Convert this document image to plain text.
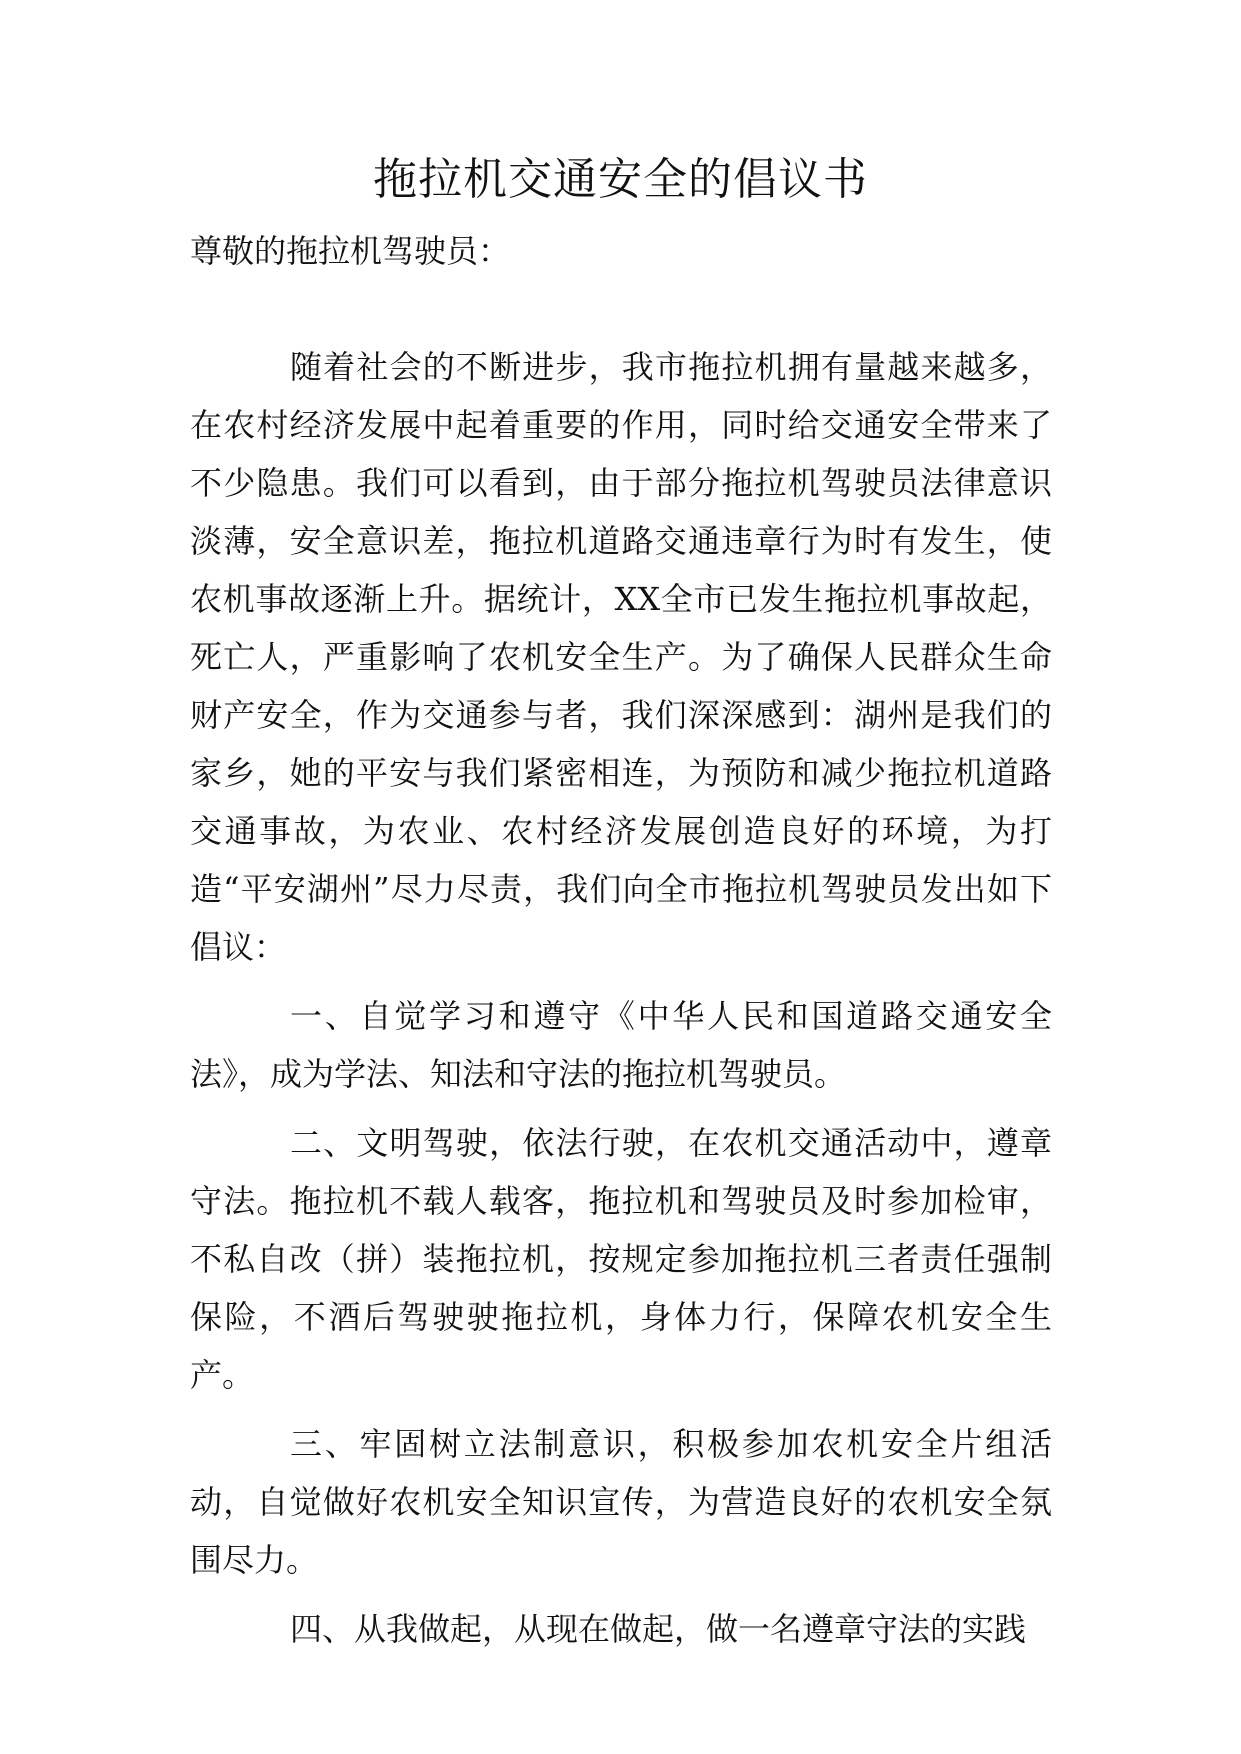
拖拉机交通安全的倡议书

尊敬的拖拉机驾驶员：

随着社会的不断进步，我市拖拉机拥有量越来越多，在农村经济发展中起着重要的作用，同时给交通安全带来了不少隐患。我们可以看到，由于部分拖拉机驾驶员法律意识淡薄，安全意识差，拖拉机道路交通违章行为时有发生，使农机事故逐渐上升。据统计，XX全市已发生拖拉机事故起，死亡人，严重影响了农机安全生产。为了确保人民群众生命财产安全，作为交通参与者，我们深深感到：湖州是我们的家乡，她的平安与我们紧密相连，为预防和减少拖拉机道路交通事故，为农业、农村经济发展创造良好的环境，为打造“平安湖州”尽力尽责，我们向全市拖拉机驾驶员发出如下倡议：

一、自觉学习和遵守《中华人民和国道路交通安全法》，成为学法、知法和守法的拖拉机驾驶员。

二、文明驾驶，依法行驶，在农机交通活动中，遵章守法。拖拉机不载人载客，拖拉机和驾驶员及时参加检审，不私自改（拼）装拖拉机，按规定参加拖拉机三者责任强制保险，不酒后驾驶驶拖拉机，身体力行，保障农机安全生产。

三、牢固树立法制意识，积极参加农机安全片组活动，自觉做好农机安全知识宣传，为营造良好的农机安全氛围尽力。

四、从我做起，从现在做起，做一名遵章守法的实践
